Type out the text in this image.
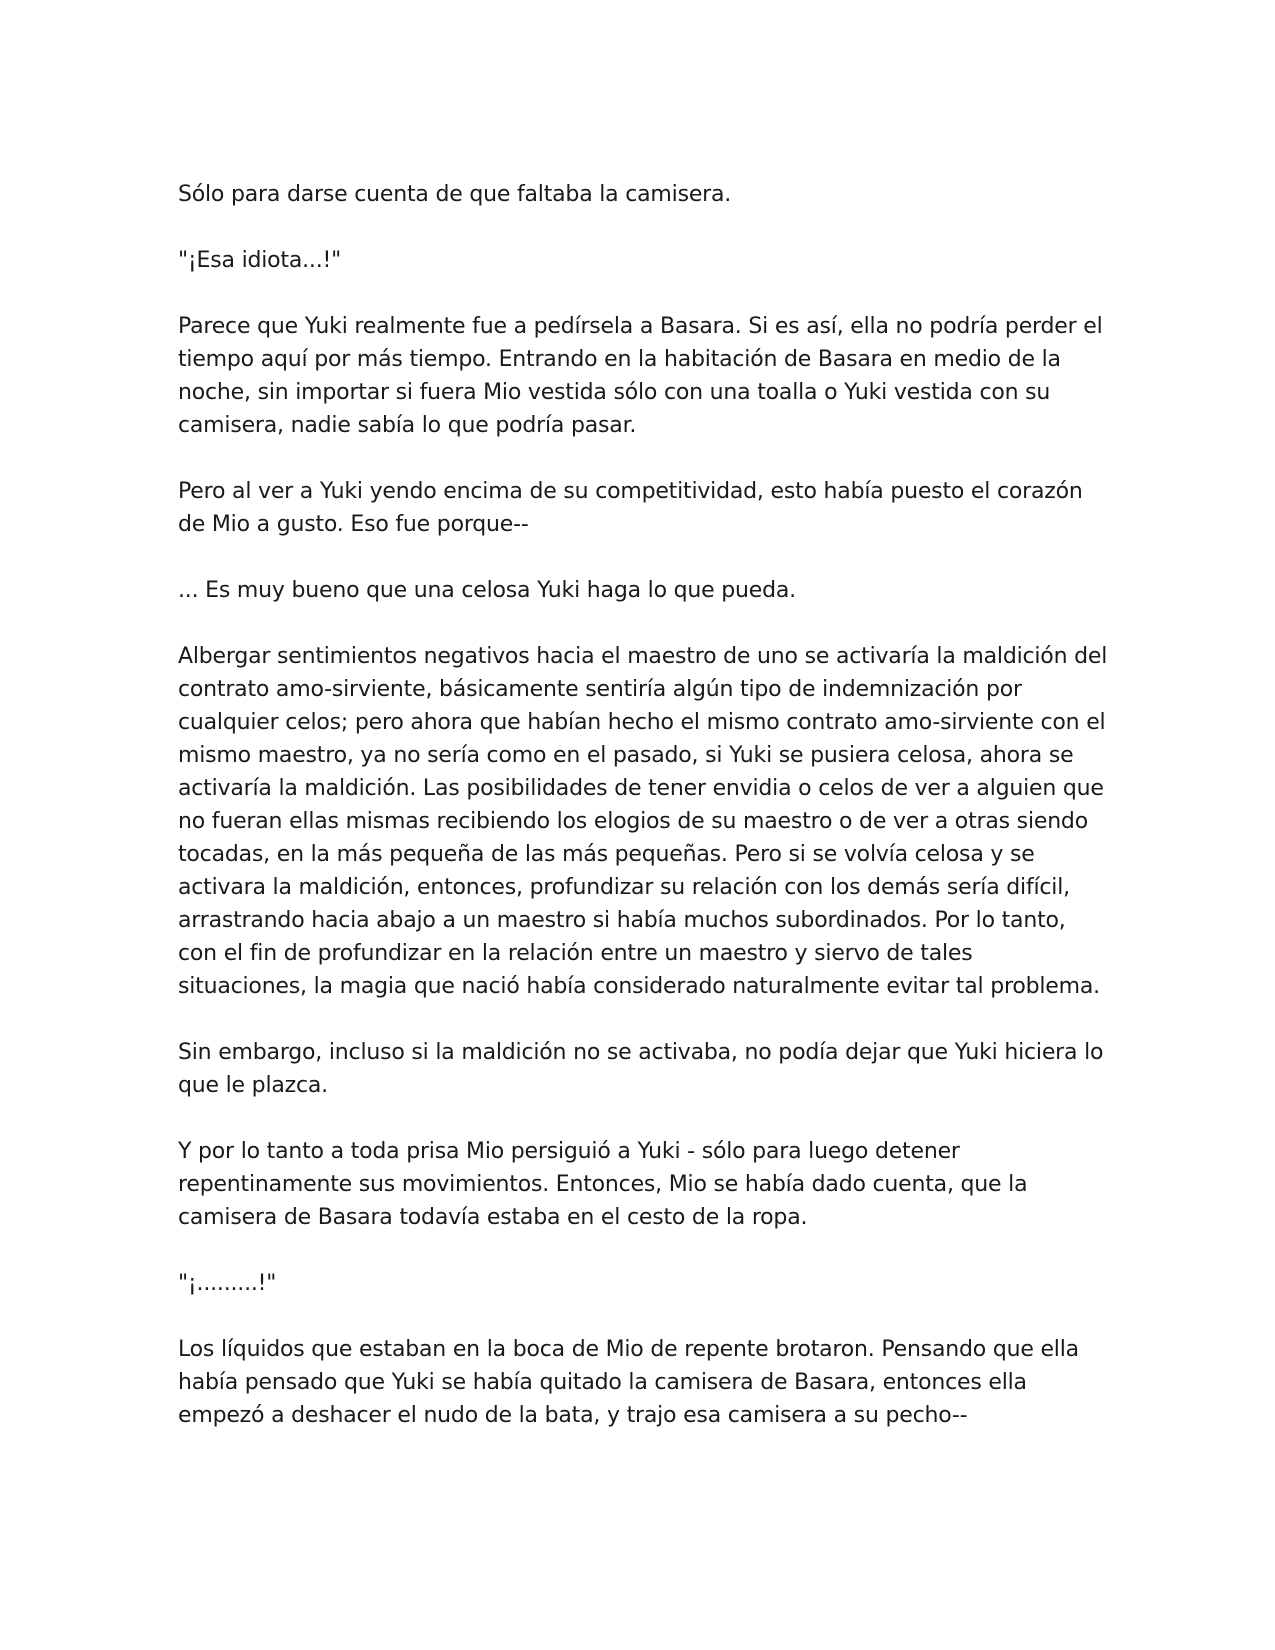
Sólo para darse cuenta de que faltaba la camisera.

"¡Esa idiota...!"

Parece que Yuki realmente fue a pedírsela a Basara. Si es así, ella no podría perder el tiempo aquí por más tiempo. Entrando en la habitación de Basara en medio de la noche, sin importar si fuera Mio vestida sólo con una toalla o Yuki vestida con su camisera, nadie sabía lo que podría pasar.

Pero al ver a Yuki yendo encima de su competitividad, esto había puesto el corazón de Mio a gusto. Eso fue porque--

... Es muy bueno que una celosa Yuki haga lo que pueda.

Albergar sentimientos negativos hacia el maestro de uno se activaría la maldición del contrato amo-sirviente, básicamente sentiría algún tipo de indemnización por cualquier celos; pero ahora que habían hecho el mismo contrato amo-sirviente con el mismo maestro, ya no sería como en el pasado, si Yuki se pusiera celosa, ahora se activaría la maldición. Las posibilidades de tener envidia o celos de ver a alguien que no fueran ellas mismas recibiendo los elogios de su maestro o de ver a otras siendo tocadas, en la más pequeña de las más pequeñas. Pero si se volvía celosa y se activara la maldición, entonces, profundizar su relación con los demás sería difícil, arrastrando hacia abajo a un maestro si había muchos subordinados. Por lo tanto, con el fin de profundizar en la relación entre un maestro y siervo de tales situaciones, la magia que nació había considerado naturalmente evitar tal problema.

Sin embargo, incluso si la maldición no se activaba, no podía dejar que Yuki hiciera lo que le plazca.

Y por lo tanto a toda prisa Mio persiguió a Yuki - sólo para luego detener repentinamente sus movimientos. Entonces, Mio se había dado cuenta, que la camisera de Basara todavía estaba en el cesto de la ropa.

"¡.........!"

Los líquidos que estaban en la boca de Mio de repente brotaron. Pensando que ella había pensado que Yuki se había quitado la camisera de Basara, entonces ella empezó a deshacer el nudo de la bata, y trajo esa camisera a su pecho--
